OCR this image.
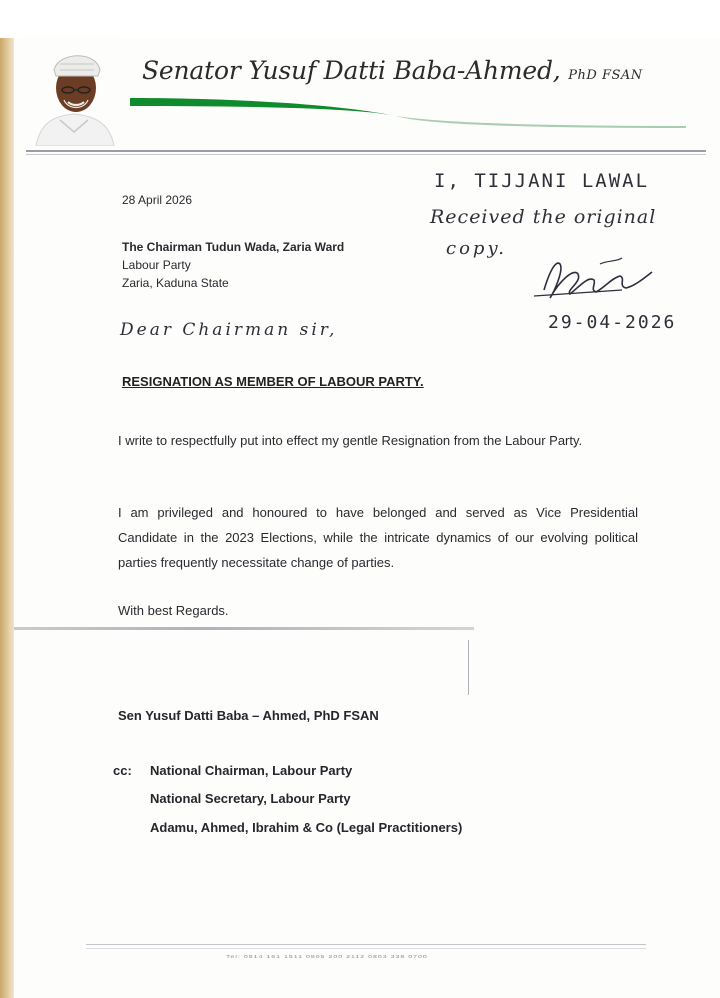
Senator Yusuf Datti Baba-Ahmed, PhD FSAN
28 April 2026
The Chairman Tudun Wada, Zaria Ward
Labour Party
Zaria, Kaduna State
I, TIJJANI LAWAL
Received the original
copy.
29-04-2026
Dear Chairman sir,
RESIGNATION AS MEMBER OF LABOUR PARTY.
I write to respectfully put into effect my gentle Resignation from the Labour Party.
I am privileged and honoured to have belonged and served as Vice Presidential Candidate in the 2023 Elections, while the intricate dynamics of our evolving political parties frequently necessitate change of parties.
With best Regards.
Sen Yusuf Datti Baba – Ahmed, PhD FSAN
cc: National Chairman, Labour Party
National Secretary, Labour Party
Adamu, Ahmed, Ibrahim & Co (Legal Practitioners)
Tel: 0814 161 1511 0805 200 2112 0803 338 0700
